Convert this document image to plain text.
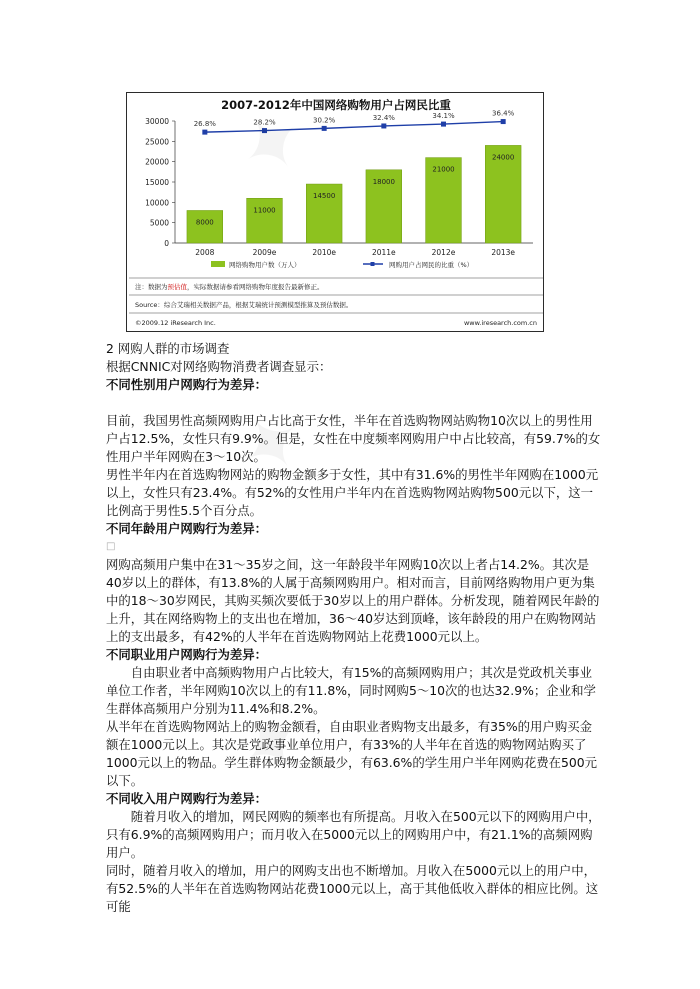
2007-2012年中国网络购物用户占网民比重
0
5000
10000
15000
20000
25000
30000
2008	2009e	2010e	2011e	2012e	2013e
8000
11000
14500
18000
21000
24000
26.8%	28.2%	30.2%	32.4%	34.1%	36.4%
网络购物用户数（万人）	网购用户占网民的比重（%）
注：数据为预估值，实际数据请参看网络购物年度报告最新修正。
Source：综合艾瑞相关数据产品，根据艾瑞统计预测模型推算及预估数据。
©2009.12 iResearch Inc.	www.iresearch.com.cn

2 网购人群的市场调查

根据CNNIC对网络购物消费者调查显示：

不同性别用户网购行为差异：

目前，我国男性高频网购用户占比高于女性，半年在首选购物网站购物10次以上的男性用户占12.5%，女性只有9.9%。但是，女性在中度频率网购用户中占比较高，有59.7%的女性用户半年网购在3～10次。

男性半年内在首选购物网站的购物金额多于女性，其中有31.6%的男性半年网购在1000元以上，女性只有23.4%。有52%的女性用户半年内在首选购物网站购物500元以下，这一比例高于男性5.5个百分点。

不同年龄用户网购行为差异：

□

网购高频用户集中在31～35岁之间，这一年龄段半年网购10次以上者占14.2%。其次是40岁以上的群体，有13.8%的人属于高频网购用户。相对而言，目前网络购物用户更为集中的18～30岁网民，其购买频次要低于30岁以上的用户群体。分析发现，随着网民年龄的上升，其在网络购物上的支出也在增加，36～40岁达到顶峰，该年龄段的用户在购物网站上的支出最多，有42%的人半年在首选购物网站上花费1000元以上。

不同职业用户网购行为差异：

自由职业者中高频购物用户占比较大，有15%的高频网购用户；其次是党政机关事业单位工作者，半年网购10次以上的有11.8%，同时网购5～10次的也达32.9%；企业和学生群体高频用户分别为11.4%和8.2%。

从半年在首选购物网站上的购物金额看，自由职业者购物支出最多，有35%的用户购买金额在1000元以上。其次是党政事业单位用户，有33%的人半年在首选的购物网站购买了1000元以上的物品。学生群体购物金额最少，有63.6%的学生用户半年网购花费在500元以下。

不同收入用户网购行为差异：

随着月收入的增加，网民网购的频率也有所提高。月收入在500元以下的网购用户中，只有6.9%的高频网购用户；而月收入在5000元以上的网购用户中，有21.1%的高频网购用户。

同时，随着月收入的增加，用户的网购支出也不断增加。月收入在5000元以上的用户中，有52.5%的人半年在首选购物网站花费1000元以上，高于其他低收入群体的相应比例。这可能
